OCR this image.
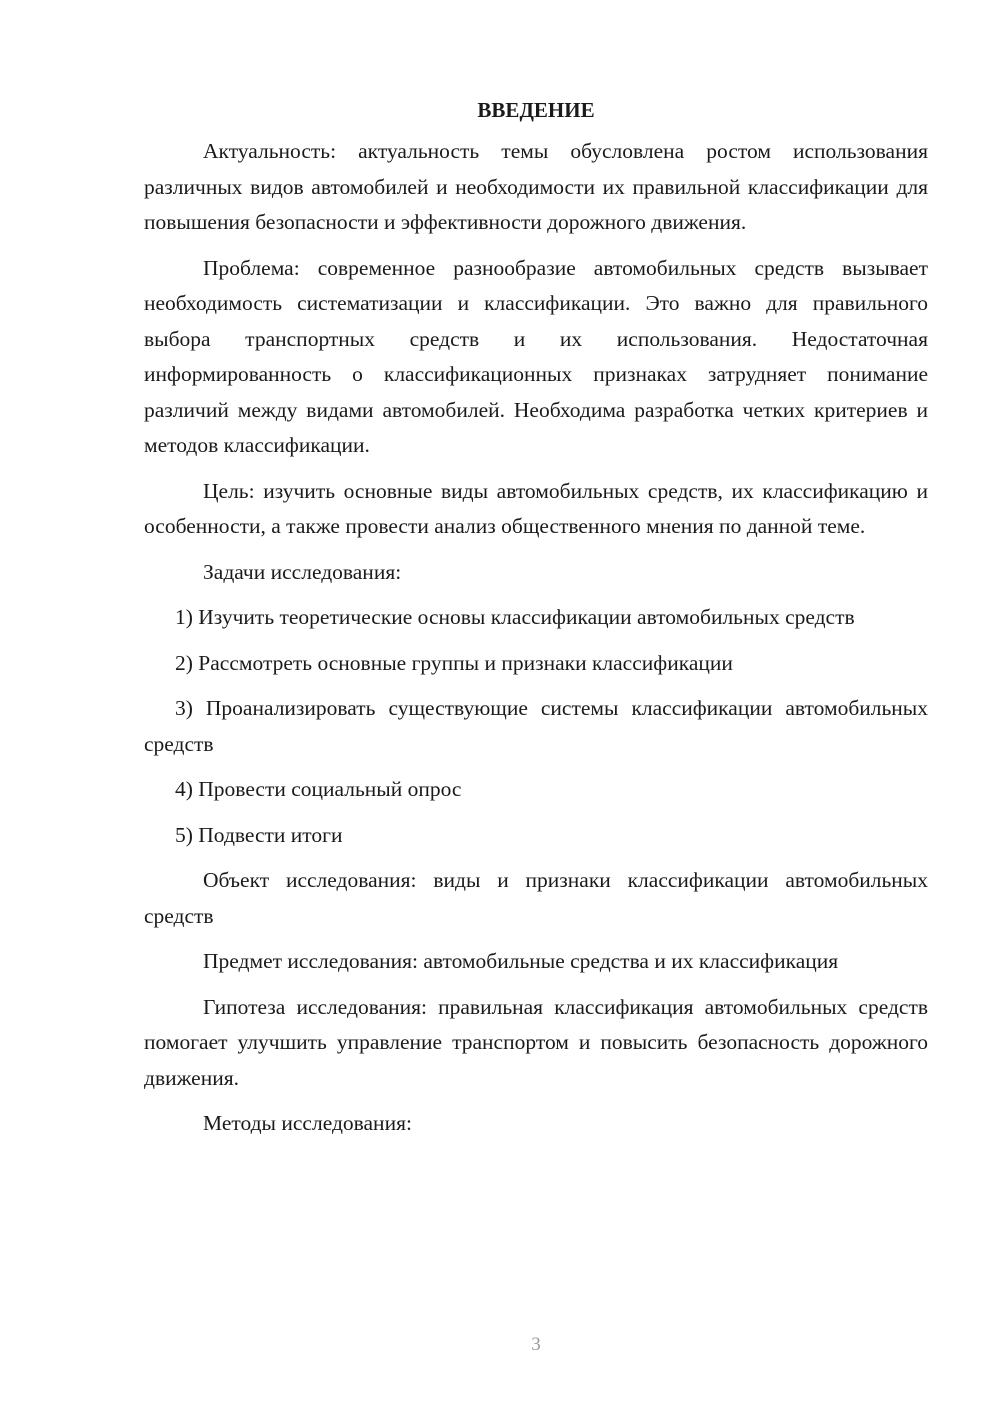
ВВЕДЕНИЕ

Актуальность: актуальность темы обусловлена ростом использования различных видов автомобилей и необходимости их правильной классификации для повышения безопасности и эффективности дорожного движения.

Проблема: современное разнообразие автомобильных средств вызывает необходимость систематизации и классификации. Это важно для правильного выбора транспортных средств и их использования. Недостаточная информированность о классификационных признаках затрудняет понимание различий между видами автомобилей. Необходима разработка четких критериев и методов классификации.

Цель: изучить основные виды автомобильных средств, их классификацию и особенности, а также провести анализ общественного мнения по данной теме.

Задачи исследования:

1) Изучить теоретические основы классификации автомобильных средств

2) Рассмотреть основные группы и признаки классификации

3) Проанализировать существующие системы классификации автомобильных средств

4) Провести социальный опрос

5) Подвести итоги

Объект исследования: виды и признаки классификации автомобильных средств

Предмет исследования: автомобильные средства и их классификация

Гипотеза исследования: правильная классификация автомобильных средств помогает улучшить управление транспортом и повысить безопасность дорожного движения.

Методы исследования:

3
